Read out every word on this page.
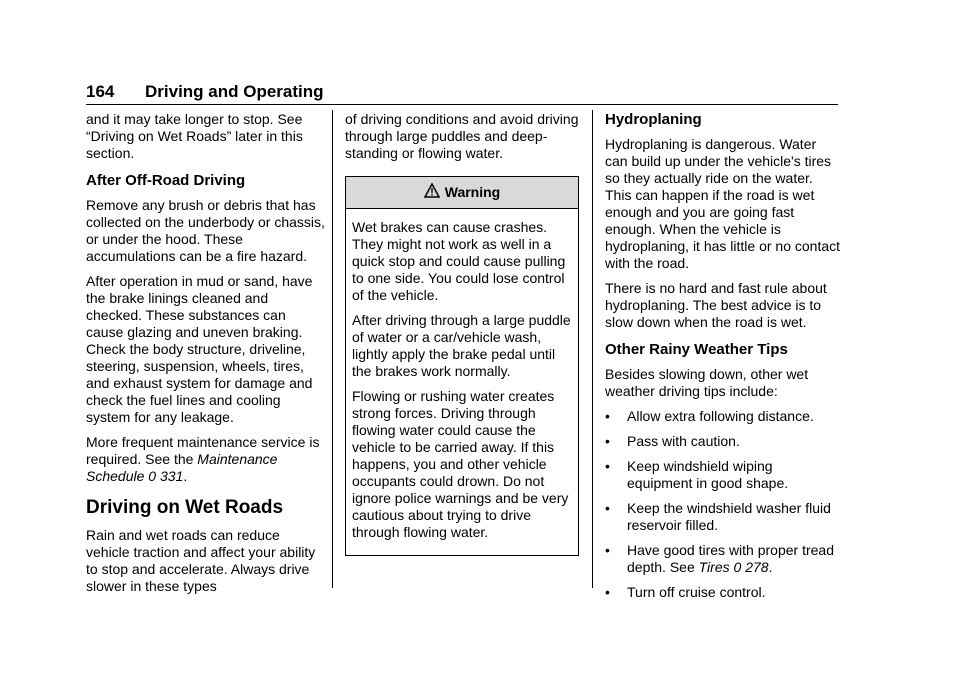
164 Driving and Operating

and it may take longer to stop. See “Driving on Wet Roads” later in this section.

After Off-Road Driving

Remove any brush or debris that has collected on the underbody or chassis, or under the hood. These accumulations can be a fire hazard.

After operation in mud or sand, have the brake linings cleaned and checked. These substances can cause glazing and uneven braking. Check the body structure, driveline, steering, suspension, wheels, tires, and exhaust system for damage and check the fuel lines and cooling system for any leakage.

More frequent maintenance service is required. See the Maintenance Schedule 0 331.

Driving on Wet Roads

Rain and wet roads can reduce vehicle traction and affect your ability to stop and accelerate. Always drive slower in these types

of driving conditions and avoid driving through large puddles and deep-standing or flowing water.

Warning

Wet brakes can cause crashes. They might not work as well in a quick stop and could cause pulling to one side. You could lose control of the vehicle.

After driving through a large puddle of water or a car/vehicle wash, lightly apply the brake pedal until the brakes work normally.

Flowing or rushing water creates strong forces. Driving through flowing water could cause the vehicle to be carried away. If this happens, you and other vehicle occupants could drown. Do not ignore police warnings and be very cautious about trying to drive through flowing water.

Hydroplaning

Hydroplaning is dangerous. Water can build up under the vehicle's tires so they actually ride on the water. This can happen if the road is wet enough and you are going fast enough. When the vehicle is hydroplaning, it has little or no contact with the road.

There is no hard and fast rule about hydroplaning. The best advice is to slow down when the road is wet.

Other Rainy Weather Tips

Besides slowing down, other wet weather driving tips include:

• Allow extra following distance.
• Pass with caution.
• Keep windshield wiping equipment in good shape.
• Keep the windshield washer fluid reservoir filled.
• Have good tires with proper tread depth. See Tires 0 278.
• Turn off cruise control.
